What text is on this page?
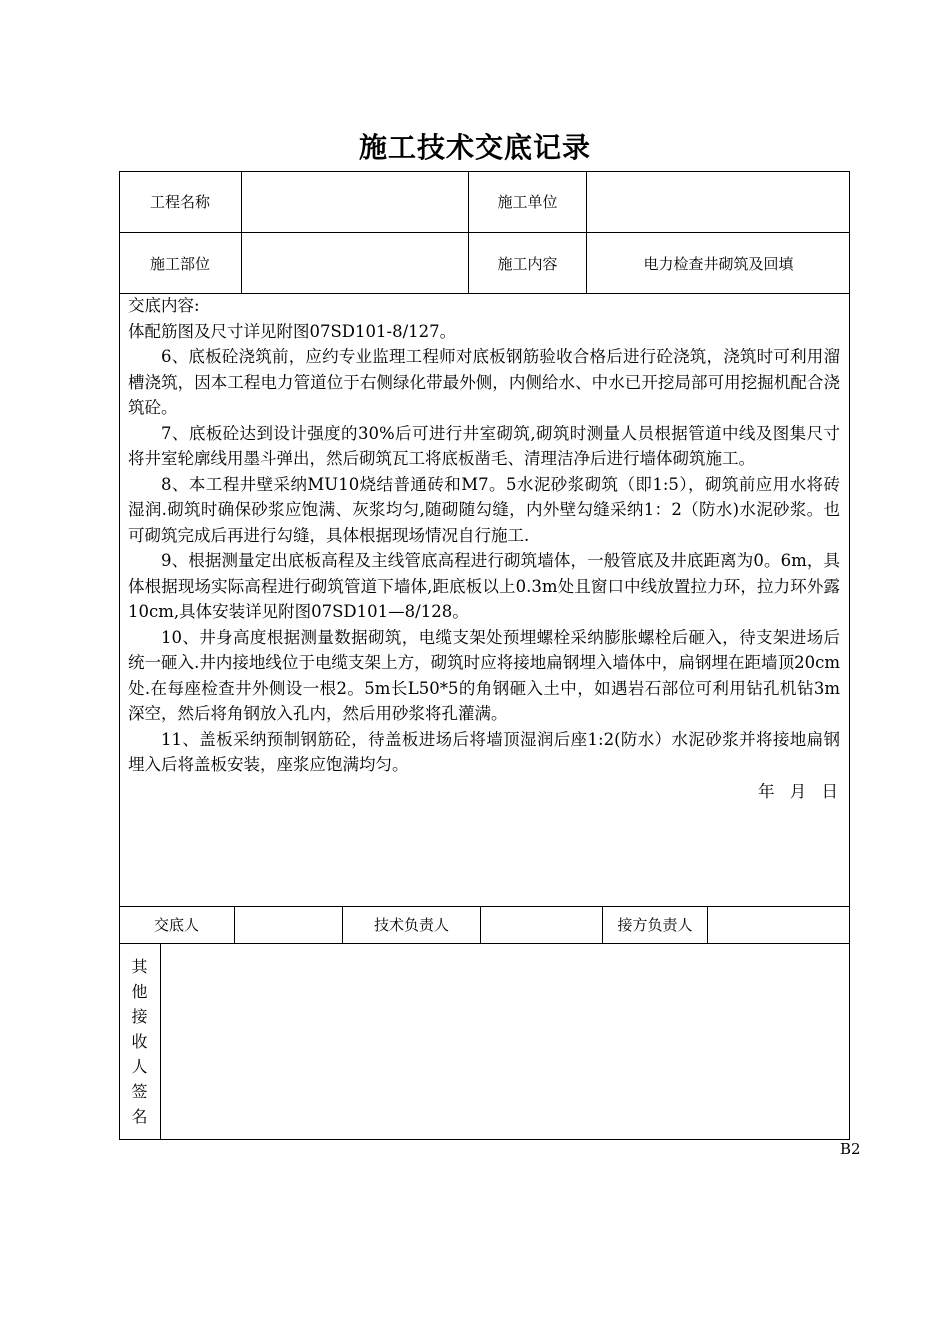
施工技术交底记录
工程名称	施工单位
施工部位	施工内容	电力检查井砌筑及回填

交底内容:

体配筋图及尺寸详见附图07SD101-8/127。

6、底板砼浇筑前，应约专业监理工程师对底板钢筋验收合格后进行砼浇筑，浇筑时可利用溜槽浇筑，因本工程电力管道位于右侧绿化带最外侧，内侧给水、中水已开挖局部可用挖掘机配合浇筑砼。

7、底板砼达到设计强度的30%后可进行井室砌筑,砌筑时测量人员根据管道中线及图集尺寸将井室轮廓线用墨斗弹出，然后砌筑瓦工将底板凿毛、清理洁净后进行墙体砌筑施工。

8、本工程井壁采纳MU10烧结普通砖和M7。5水泥砂浆砌筑（即1:5），砌筑前应用水将砖湿润.砌筑时确保砂浆应饱满、灰浆均匀,随砌随勾缝，内外壁勾缝采纳1：2（防水)水泥砂浆。也可砌筑完成后再进行勾缝，具体根据现场情况自行施工.

9、根据测量定出底板高程及主线管底高程进行砌筑墙体，一般管底及井底距离为0。6m，具体根据现场实际高程进行砌筑管道下墙体,距底板以上0.3m处且窗口中线放置拉力环，拉力环外露10cm,具体安装详见附图07SD101—8/128。

10、井身高度根据测量数据砌筑，电缆支架处预埋螺栓采纳膨胀螺栓后砸入，待支架进场后统一砸入.井内接地线位于电缆支架上方，砌筑时应将接地扁钢埋入墙体中，扁钢埋在距墙顶20cm处.在每座检查井外侧设一根2。5m长L50*5的角钢砸入土中，如遇岩石部位可利用钻孔机钻3m深空，然后将角钢放入孔内，然后用砂浆将孔灌满。

11、盖板采纳预制钢筋砼，待盖板进场后将墙顶湿润后座1:2(防水）水泥砂浆并将接地扁钢埋入后将盖板安装，座浆应饱满均匀。

年 月 日

交底人	技术负责人	接方负责人
其
他
接
收
人
签
名
B2
